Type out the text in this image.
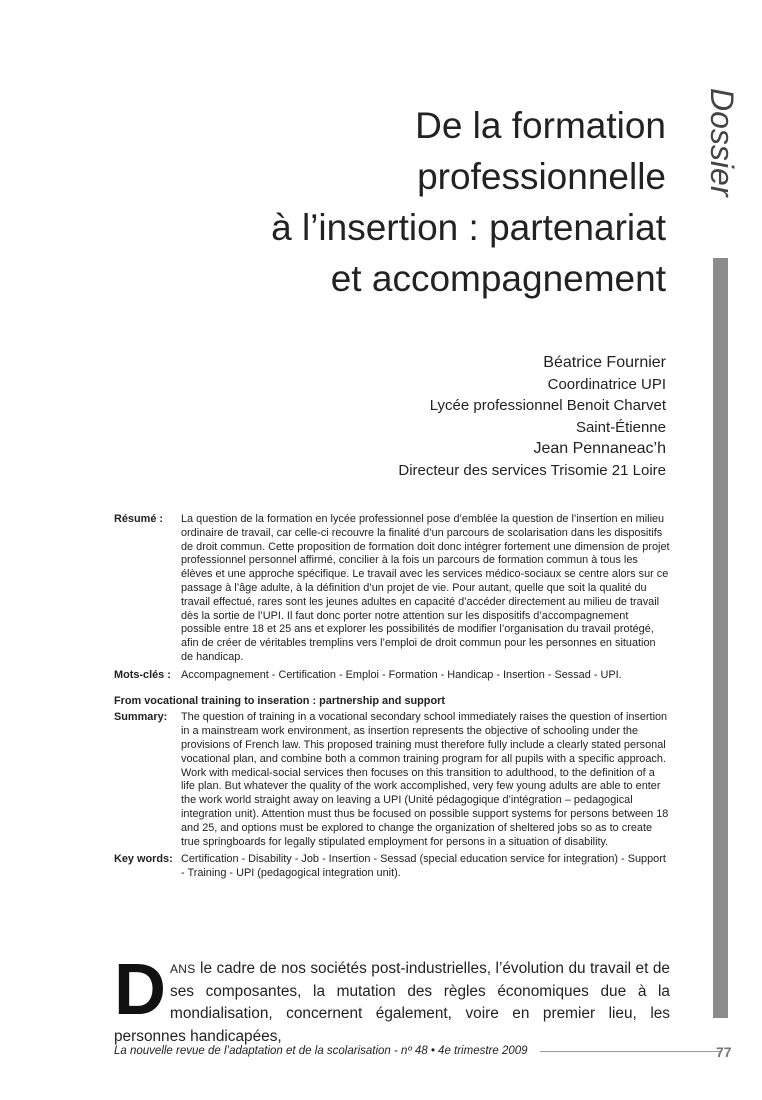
Dossier
De la formation
professionnelle
à l’insertion : partenariat
et accompagnement
Béatrice Fournier
Coordinatrice UPI
Lycée professionnel Benoit Charvet
Saint-Étienne
Jean Pennaneac’h
Directeur des services Trisomie 21 Loire
Résumé :	La question de la formation en lycée professionnel pose d’emblée la question de l’insertion en milieu ordinaire de travail, car celle-ci recouvre la finalité d’un parcours de scolarisation dans les dispositifs de droit commun. Cette proposition de formation doit donc intégrer fortement une dimension de projet professionnel personnel affirmé, concilier à la fois un parcours de formation commun à tous les élèves et une approche spécifique. Le travail avec les services médico-sociaux se centre alors sur ce passage à l’âge adulte, à la définition d’un projet de vie. Pour autant, quelle que soit la qualité du travail effectué, rares sont les jeunes adultes en capacité d’accéder directement au milieu de travail dès la sortie de l’UPI. Il faut donc porter notre attention sur les dispositifs d’accompagnement possible entre 18 et 25 ans et explorer les possibilités de modifier l’organisation du travail protégé, afin de créer de véritables tremplins vers l’emploi de droit commun pour les personnes en situation de handicap.
Mots-clés : Accompagnement - Certification - Emploi - Formation - Handicap - Insertion - Sessad - UPI.
From vocational training to inseration : partnership and support
Summary:	The question of training in a vocational secondary school immediately raises the question of insertion in a mainstream work environment, as insertion represents the objective of schooling under the provisions of French law. This proposed training must therefore fully include a clearly stated personal vocational plan, and combine both a common training program for all pupils with a specific approach. Work with medical-social services then focuses on this transition to adulthood, to the definition of a life plan. But whatever the quality of the work accomplished, very few young adults are able to enter the work world straight away on leaving a UPI (Unité pédagogique d’intégration – pedagogical integration unit). Attention must thus be focused on possible support systems for persons between 18 and 25, and options must be explored to change the organization of sheltered jobs so as to create true springboards for legally stipulated employment for persons in a situation of disability.
Key words: Certification - Disability - Job - Insertion - Sessad (special education service for integration) - Support - Training - UPI (pedagogical integration unit).
DANS le cadre de nos sociétés post-industrielles, l’évolution du travail et de ses composantes, la mutation des règles économiques due à la mondialisation, concernent également, voire en premier lieu, les personnes handicapées,
La nouvelle revue de l’adaptation et de la scolarisation - nº 48 • 4e trimestre 2009	77
